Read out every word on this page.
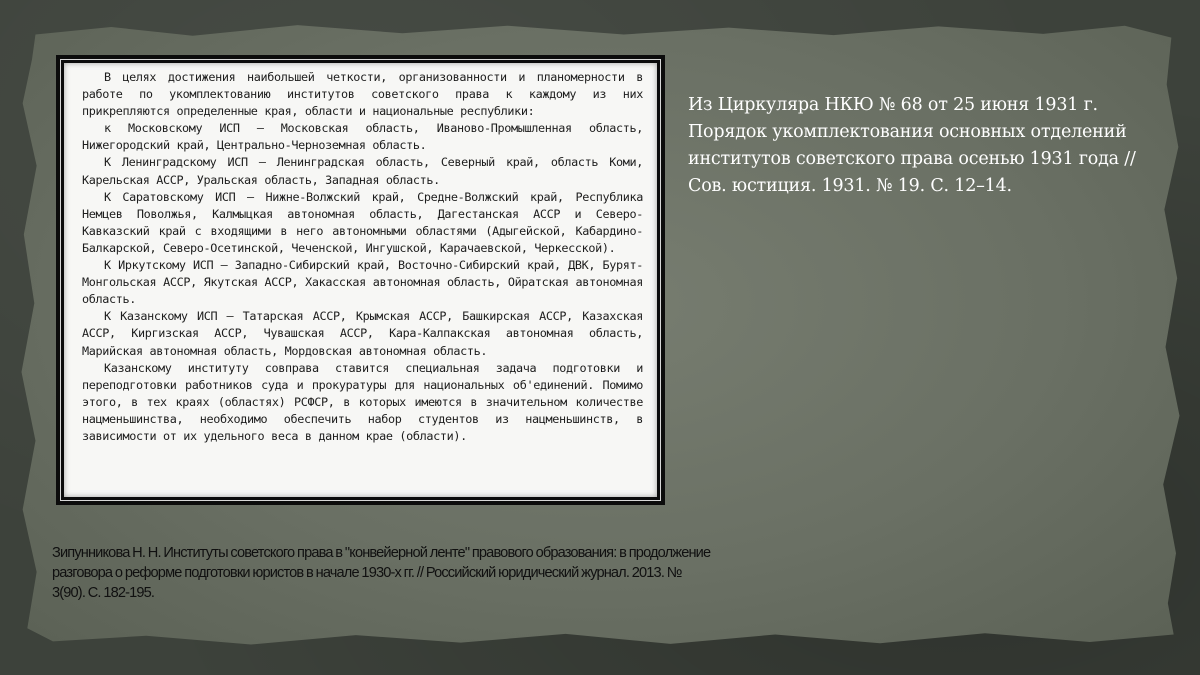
В целях достижения наибольшей четкости, организованности и планомерности в работе по укомплектованию институтов советского права к каждому из них прикрепляются определенные края, области и национальные республики:

к Московскому ИСП – Московская область, Иваново-Промышленная область, Нижегородский край, Центрально-Черноземная область.

К Ленинградскому ИСП – Ленинградская область, Северный край, область Коми, Карельская АССР, Уральская область, Западная область.

К Саратовскому ИСП – Нижне-Волжский край, Средне-Волжский край, Республика Немцев Поволжья, Калмыцкая автономная область, Дагестанская АССР и Северо-Кавказский край с входящими в него автономными областями (Адыгейской, Кабардино-Балкарской, Северо-Осетинской, Чеченской, Ингушской, Карачаевской, Черкесской).

К Иркутскому ИСП – Западно-Сибирский край, Восточно-Сибирский край, ДВК, Бурят-Монгольская АССР, Якутская АССР, Хакасская автономная область, Ойратская автономная область.

К Казанскому ИСП – Татарская АССР, Крымская АССР, Башкирская АССР, Казахская АССР, Киргизская АССР, Чувашская АССР, Кара-Калпакская автономная область, Марийская автономная область, Мордовская автономная область.

Казанскому институту совправа ставится специальная задача подготовки и переподготовки работников суда и прокуратуры для национальных об'единений. Помимо этого, в тех краях (областях) РСФСР, в которых имеются в значительном количестве нацменьшинства, необходимо обеспечить набор студентов из нацменьшинств, в зависимости от их удельного веса в данном крае (области).

Из Циркуляра НКЮ № 68 от 25 июня 1931 г. Порядок укомплектования основных отделений институтов советского права осенью 1931 года // Сов. юстиция. 1931. № 19. С. 12–14.

Зипунникова Н. Н. Институты советского права в "конвейерной ленте" правового образования: в продолжение разговора о реформе подготовки юристов в начале 1930-х гг. // Российский юридический журнал. 2013. № 3(90). С. 182-195.
